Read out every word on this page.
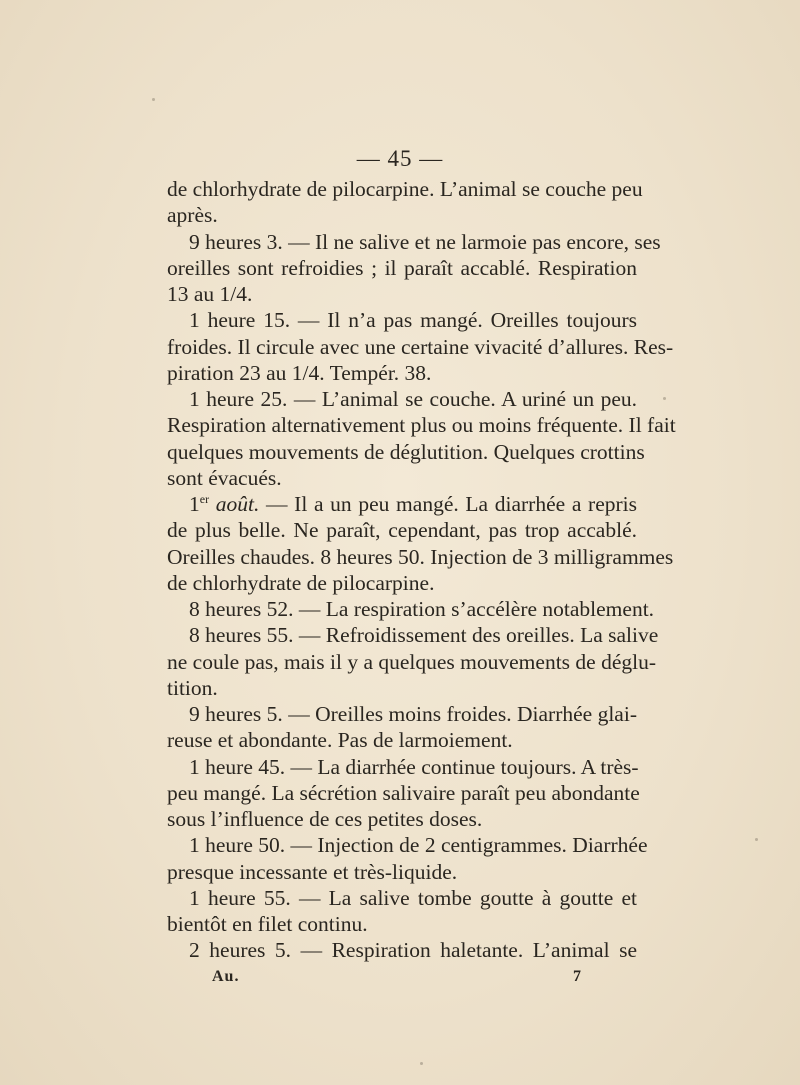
— 45 —
de chlorhydrate de pilocarpine. L’animal se couche peu
après.
9 heures 3. — Il ne salive et ne larmoie pas encore, ses
oreilles sont refroidies ; il paraît accablé. Respiration
13 au 1/4.
1 heure 15. — Il n’a pas mangé. Oreilles toujours
froides. Il circule avec une certaine vivacité d’allures. Res-
piration 23 au 1/4. Tempér. 38.
1 heure 25. — L’animal se couche. A uriné un peu.
Respiration alternativement plus ou moins fréquente. Il fait
quelques mouvements de déglutition. Quelques crottins
sont évacués.
1er août. — Il a un peu mangé. La diarrhée a repris
de plus belle. Ne paraît, cependant, pas trop accablé.
Oreilles chaudes. 8 heures 50. Injection de 3 milligrammes
de chlorhydrate de pilocarpine.
8 heures 52. — La respiration s’accélère notablement.
8 heures 55. — Refroidissement des oreilles. La salive
ne coule pas, mais il y a quelques mouvements de déglu-
tition.
9 heures 5. — Oreilles moins froides. Diarrhée glai-
reuse et abondante. Pas de larmoiement.
1 heure 45. — La diarrhée continue toujours. A très-
peu mangé. La sécrétion salivaire paraît peu abondante
sous l’influence de ces petites doses.
1 heure 50. — Injection de 2 centigrammes. Diarrhée
presque incessante et très-liquide.
1 heure 55. — La salive tombe goutte à goutte et
bientôt en filet continu.
2 heures 5. — Respiration haletante. L’animal se
Au.	7
